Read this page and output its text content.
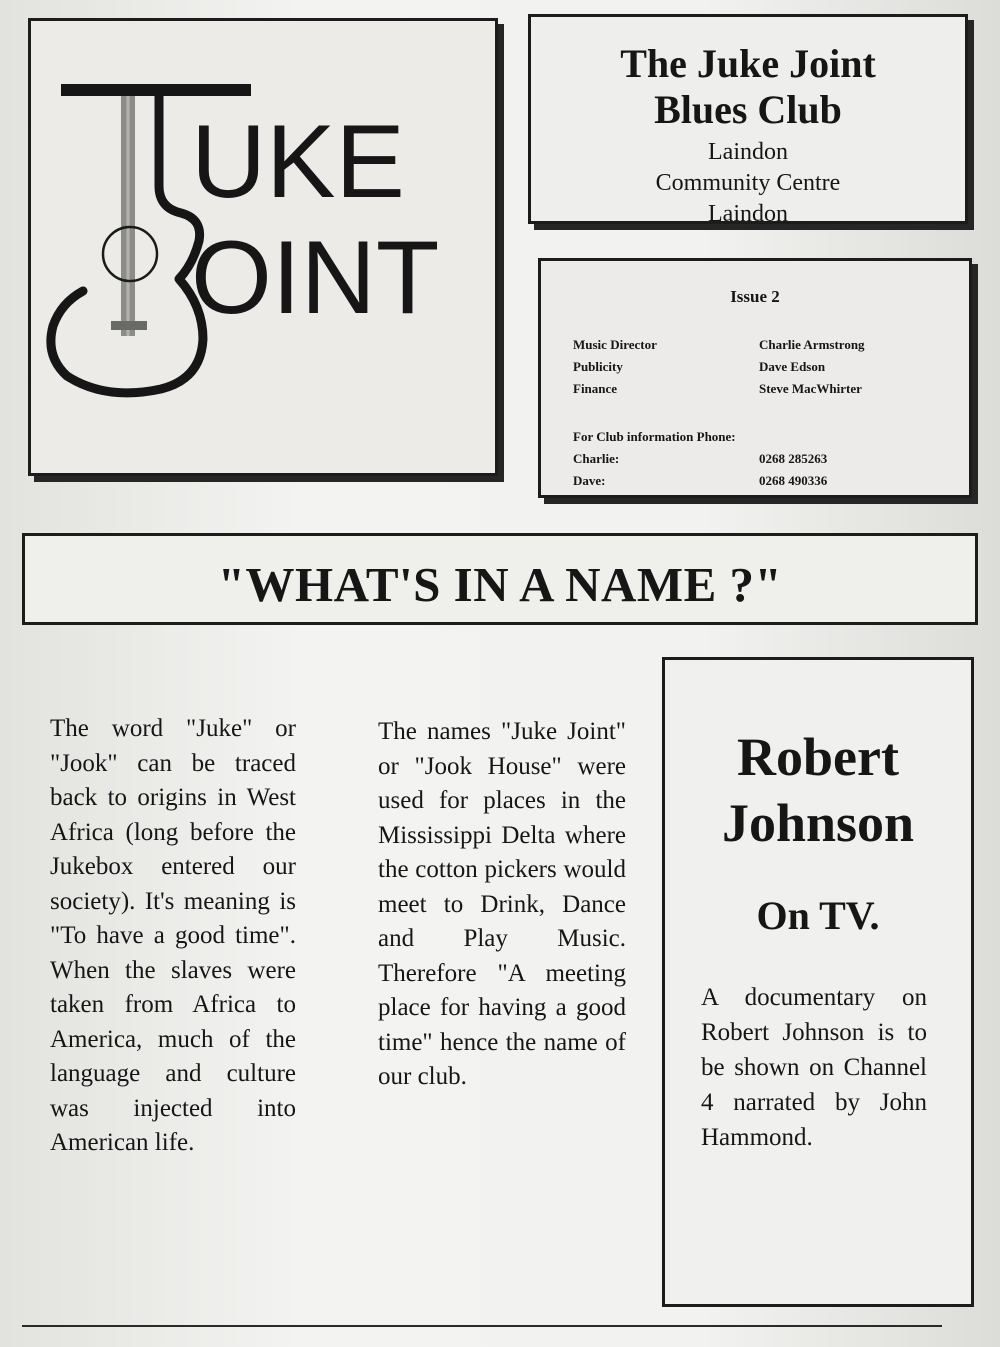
UKE
OINT
The Juke Joint
Blues Club
Laindon
Community Centre
Laindon
Issue 2
Music Director	Charlie Armstrong
Publicity	Dave Edson
Finance	Steve MacWhirter
For Club information Phone:
Charlie:	0268 285263
Dave:	0268 490336
"WHAT'S IN A NAME ?"
The word "Juke" or "Jook" can be traced back to origins in West Africa (long before the Jukebox entered our society). It's meaning is "To have a good time". When the slaves were taken from Africa to America, much of the language and culture was injected into American life.
The names "Juke Joint" or "Jook House" were used for places in the Mississippi Delta where the cotton pickers would meet to Drink, Dance and Play Music. Therefore "A meeting place for having a good time" hence the name of our club.
Robert
Johnson
On TV.
A documentary on Robert Johnson is to be shown on Channel 4 narrated by John Hammond.
